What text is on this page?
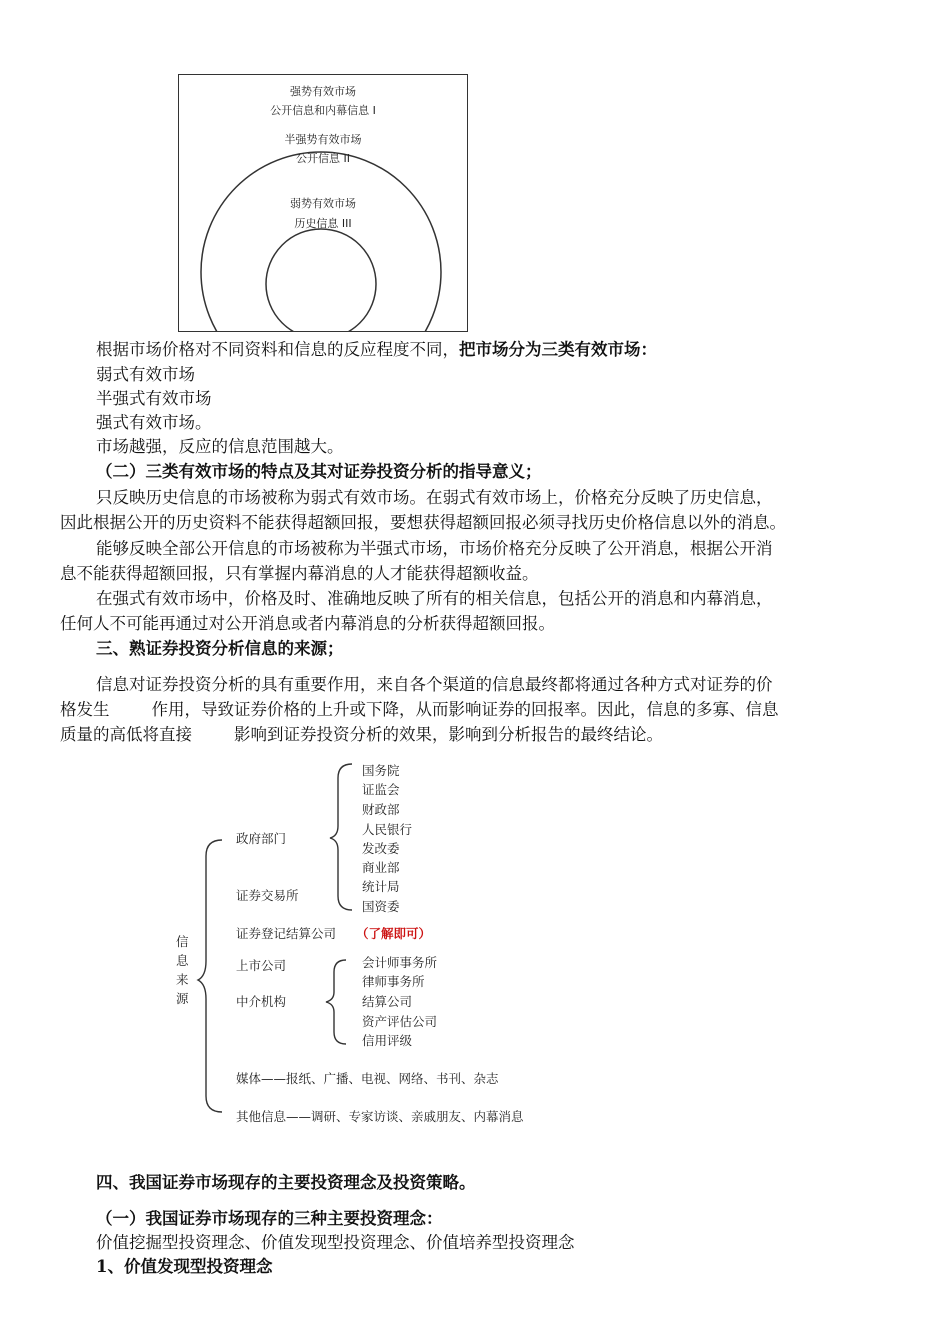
强势有效市场
公开信息和内幕信息 I
半强势有效市场
公开信息 II
弱势有效市场
历史信息 III
根据市场价格对不同资料和信息的反应程度不同，把市场分为三类有效市场：
弱式有效市场
半强式有效市场
强式有效市场。
市场越强，反应的信息范围越大。
（二）三类有效市场的特点及其对证券投资分析的指导意义；
只反映历史信息的市场被称为弱式有效市场。在弱式有效市场上，价格充分反映了历史信息，
因此根据公开的历史资料不能获得超额回报，要想获得超额回报必须寻找历史价格信息以外的消息。
能够反映全部公开信息的市场被称为半强式市场，市场价格充分反映了公开消息，根据公开消
息不能获得超额回报，只有掌握内幕消息的人才能获得超额收益。
在强式有效市场中，价格及时、准确地反映了所有的相关信息，包括公开的消息和内幕消息，
任何人不可能再通过对公开消息或者内幕消息的分析获得超额回报。
三、熟证券投资分析信息的来源；
信息对证券投资分析的具有重要作用，来自各个渠道的信息最终都将通过各种方式对证券的价
格发生        作用，导致证券价格的上升或下降，从而影响证券的回报率。因此，信息的多寡、信息
质量的高低将直接        影响到证券投资分析的效果，影响到分析报告的最终结论。
信
息
来
源
政府部门
证券交易所
证券登记结算公司 （了解即可）
上市公司
中介机构
国务院
证监会
财政部
人民银行
发改委
商业部
统计局
国资委
会计师事务所
律师事务所
结算公司
资产评估公司
信用评级
媒体——报纸、广播、电视、网络、书刊、杂志
其他信息——调研、专家访谈、亲戚朋友、内幕消息
四、我国证券市场现存的主要投资理念及投资策略。
（一）我国证券市场现存的三种主要投资理念：
价值挖掘型投资理念、价值发现型投资理念、价值培养型投资理念
1、价值发现型投资理念
